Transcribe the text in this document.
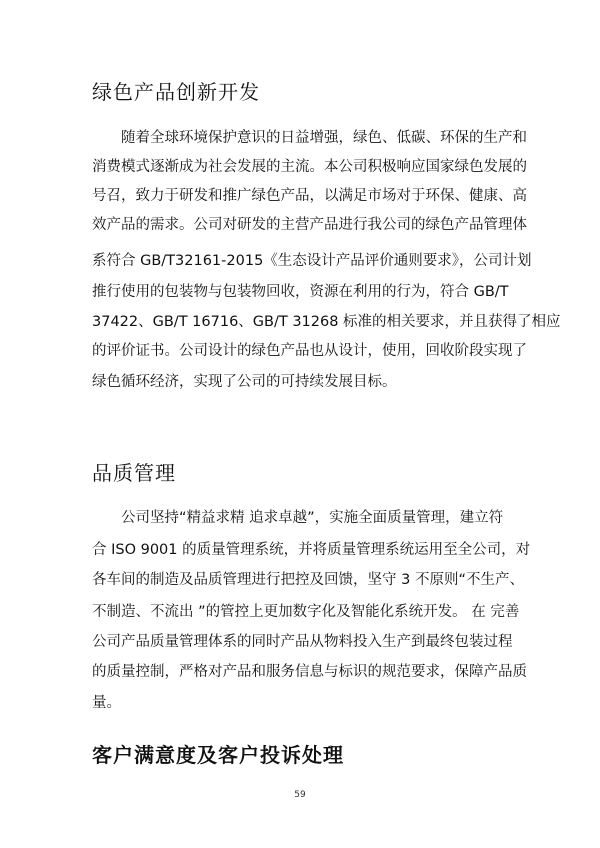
绿色产品创新开发

随着全球环境保护意识的日益增强，绿色、低碳、环保的生产和

消费模式逐渐成为社会发展的主流。本公司积极响应国家绿色发展的

号召，致力于研发和推广绿色产品，以满足市场对于环保、健康、高

效产品的需求。公司对研发的主营产品进行我公司的绿色产品管理体

系符合 GB/T32161-2015《生态设计产品评价通则要求》，公司计划

推行使用的包装物与包装物回收，资源在利用的行为，符合 GB/T

37422、GB/T 16716、GB/T 31268 标准的相关要求，并且获得了相应

的评价证书。公司设计的绿色产品也从设计，使用，回收阶段实现了

绿色循环经济，实现了公司的可持续发展目标。

品质管理

公司坚持“精益求精 追求卓越”，实施全面质量管理，建立符

合 ISO 9001 的质量管理系统，并将质量管理系统运用至全公司，对

各车间的制造及品质管理进行把控及回馈，坚守 3 不原则“不生产、

不制造、不流出 ”的管控上更加数字化及智能化系统开发。 在 完善

公司产品质量管理体系的同时产品从物料投入生产到最终包装过程

的质量控制，严格对产品和服务信息与标识的规范要求，保障产品质

量。

客户满意度及客户投诉处理
59
